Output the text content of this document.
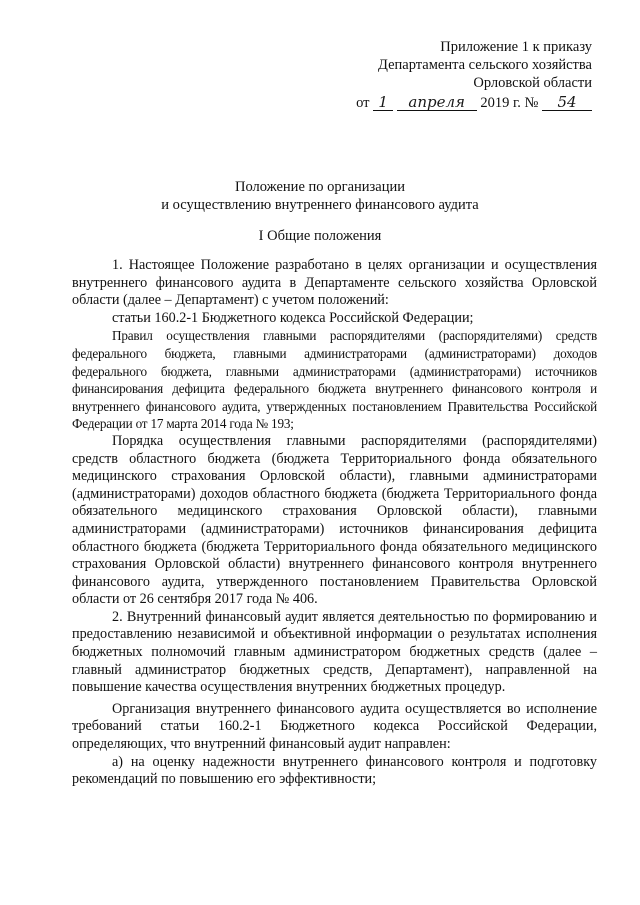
Приложение 1 к приказу
Департамента сельского хозяйства
Орловской области
от 1 апреля 2019 г. № 54
Положение по организации
и осуществлению внутреннего финансового аудита
I Общие положения

1. Настоящее Положение разработано в целях организации и осуществления внутреннего финансового аудита в Департаменте сельского хозяйства Орловской области (далее – Департамент) с учетом положений:

статьи 160.2-1 Бюджетного кодекса Российской Федерации;

Правил осуществления главными распорядителями (распорядителями) средств федерального бюджета, главными администраторами (администраторами) доходов федерального бюджета, главными администраторами (администраторами) источников финансирования дефицита федерального бюджета внутреннего финансового контроля и внутреннего финансового аудита, утвержденных постановлением Правительства Российской Федерации от 17 марта 2014 года № 193;

Порядка осуществления главными распорядителями (распорядителями) средств областного бюджета (бюджета Территориального фонда обязательного медицинского страхования Орловской области), главными администраторами (администраторами) доходов областного бюджета (бюджета Территориального фонда обязательного медицинского страхования Орловской области), главными администраторами (администраторами) источников финансирования дефицита областного бюджета (бюджета Территориального фонда обязательного медицинского страхования Орловской области) внутреннего финансового контроля внутреннего финансового аудита, утвержденного постановлением Правительства Орловской области от 26 сентября 2017 года № 406.

2. Внутренний финансовый аудит является деятельностью по формированию и предоставлению независимой и объективной информации о результатах исполнения бюджетных полномочий главным администратором бюджетных средств (далее – главный администратор бюджетных средств, Департамент), направленной на повышение качества осуществления внутренних бюджетных процедур.

Организация внутреннего финансового аудита осуществляется во исполнение требований статьи 160.2-1 Бюджетного кодекса Российской Федерации, определяющих, что внутренний финансовый аудит направлен:

а) на оценку надежности внутреннего финансового контроля и подготовку рекомендаций по повышению его эффективности;
